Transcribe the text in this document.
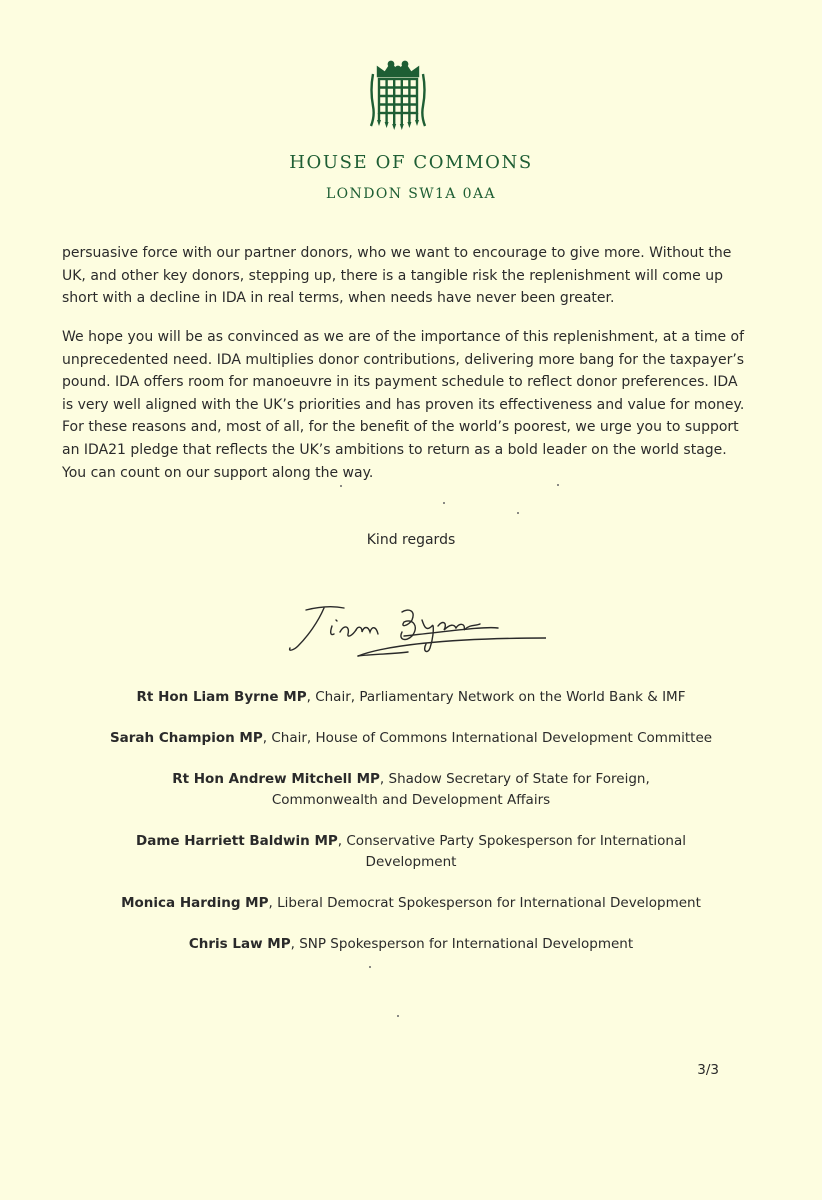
HOUSE OF COMMONS
LONDON SW1A 0AA

persuasive force with our partner donors, who we want to encourage to give more. Without the UK, and other key donors, stepping up, there is a tangible risk the replenishment will come up short with a decline in IDA in real terms, when needs have never been greater.

We hope you will be as convinced as we are of the importance of this replenishment, at a time of unprecedented need. IDA multiplies donor contributions, delivering more bang for the taxpayer’s pound. IDA offers room for manoeuvre in its payment schedule to reflect donor preferences. IDA is very well aligned with the UK’s priorities and has proven its effectiveness and value for money. For these reasons and, most of all, for the benefit of the world’s poorest, we urge you to support an IDA21 pledge that reflects the UK’s ambitions to return as a bold leader on the world stage. You can count on our support along the way.

Kind regards
Rt Hon Liam Byrne MP, Chair, Parliamentary Network on the World Bank & IMF
Sarah Champion MP, Chair, House of Commons International Development Committee
Rt Hon Andrew Mitchell MP, Shadow Secretary of State for Foreign, Commonwealth and Development Affairs
Dame Harriett Baldwin MP, Conservative Party Spokesperson for International Development
Monica Harding MP, Liberal Democrat Spokesperson for International Development
Chris Law MP, SNP Spokesperson for International Development
3/3
